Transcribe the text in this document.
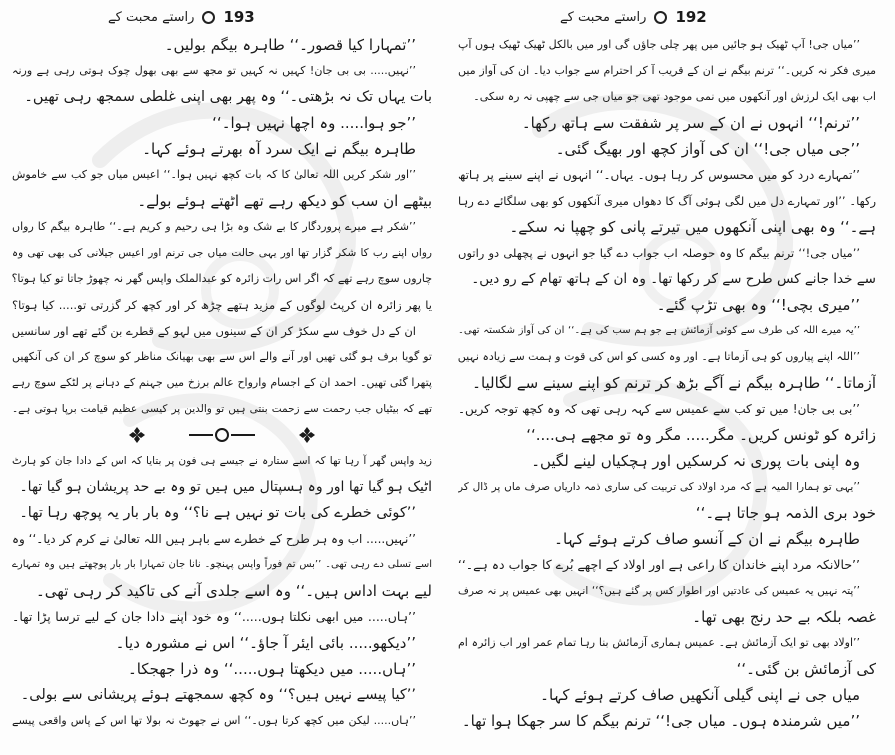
راستے محبت کے 193	راستے محبت کے 192
’’تمہارا کیا قصور۔‘‘ طاہرہ بیگم بولیں۔
’’نہیں..... بی بی جان! کہیں نہ کہیں تو مجھ سے بھی بھول چوک ہوتی رہی ہے ورنہ
بات یہاں تک نہ بڑھتی۔‘‘ وہ پھر بھی اپنی غلطی سمجھ رہی تھیں۔
’’جو ہوا..... وہ اچھا نہیں ہوا۔‘‘
طاہرہ بیگم نے ایک سرد آہ بھرتے ہوئے کہا۔
’’اور شکر کریں اللہ تعالیٰ کا کہ بات کچھ نہیں ہوا۔‘‘ اعیس میاں جو کب سے خاموش
بیٹھے ان سب کو دیکھ رہے تھے اٹھتے ہوئے بولے۔
’’شکر ہے میرے پروردگار کا بے شک وہ بڑا ہی رحیم و کریم ہے۔‘‘ طاہرہ بیگم کا رواں
رواں اپنے رب کا شکر گزار تھا اور یہی حالت میاں جی ترنم اور اعیس جیلانی کی بھی تھی وہ
چاروں سوچ رہے تھے کہ اگر اس رات زائرہ کو عبدالملک واپس گھر نہ چھوڑ جاتا تو کیا ہوتا؟
یا پھر زائرہ ان کرپٹ لوگوں کے مزید ہتھے چڑھ کر اور کچھ کر گزرتی تو..... کیا ہوتا؟
ان کے دل خوف سے سکڑ کر ان کے سینوں میں لہو کے قطرے بن گئے تھے اور سانسیں
تو گویا برف ہو گئی تھیں اور آنے والے اس سے بھی بھیانک مناظر کو سوچ کر ان کی آنکھیں
پتھرا گئی تھیں۔ احمد ان کے اجسام وارواح عالم برزخ میں جہنم کے دہانے پر لٹکے سوچ رہے
تھے کہ بیٹیاں جب رحمت سے زحمت بنتی ہیں تو والدین پر کیسی عظیم قیامت برپا ہوتی ہے۔
زید واپس گھر آ رہا تھا کہ اسے ستارہ نے جیسے ہی فون پر بتایا کہ اس کے دادا جان کو ہارٹ
اٹیک ہو گیا تھا اور وہ ہسپتال میں ہیں تو وہ بے حد پریشان ہو گیا تھا۔
’’کوئی خطرے کی بات تو نہیں ہے نا؟‘‘ وہ بار بار یہ پوچھ رہا تھا۔
’’نہیں..... اب وہ ہر طرح کے خطرے سے باہر ہیں اللہ تعالیٰ نے کرم کر دیا۔‘‘ وہ
اسے تسلی دے رہی تھی۔ ’’بس تم فوراً واپس پہنچو۔ نانا جان تمہارا بار بار پوچھتے ہیں وہ تمہارے
لیے بہت اداس ہیں۔‘‘ وہ اسے جلدی آنے کی تاکید کر رہی تھی۔
’’ہاں..... میں ابھی نکلتا ہوں.....‘‘ وہ خود اپنے دادا جان کے لیے ترسا پڑا تھا۔
’’دیکھو..... بائی ایئر آ جاؤ۔‘‘ اس نے مشورہ دیا۔
’’ہاں..... میں دیکھتا ہوں.....‘‘ وہ ذرا جھجکا۔
’’کیا پیسے نہیں ہیں؟‘‘ وہ کچھ سمجھتے ہوئے پریشانی سے بولی۔
’’ہاں..... لیکن میں کچھ کرتا ہوں۔‘‘ اس نے جھوٹ نہ بولا تھا اس کے پاس واقعی پیسے
’’میاں جی! آپ ٹھیک ہو جائیں میں پھر چلی جاؤں گی اور میں بالکل ٹھیک ٹھیک ہوں آپ
میری فکر نہ کریں۔‘‘ ترنم بیگم نے ان کے قریب آ کر احترام سے جواب دیا۔ ان کی آواز میں
اب بھی ایک لرزش اور آنکھوں میں نمی موجود تھی جو میاں جی سے چھپی نہ رہ سکی۔
’’ترنم!‘‘ انہوں نے ان کے سر پر شفقت سے ہاتھ رکھا۔
’’جی میاں جی!‘‘ ان کی آواز کچھ اور بھیگ گئی۔
’’تمہارے درد کو میں محسوس کر رہا ہوں۔ یہاں۔‘‘ انہوں نے اپنے سینے پر ہاتھ
رکھا۔ ’’اور تمہارے دل میں لگی ہوئی آگ کا دھواں میری آنکھوں کو بھی سلگائے دے رہا
ہے۔‘‘ وہ بھی اپنی آنکھوں میں تیرتے پانی کو چھپا نہ سکے۔
’’میاں جی!‘‘ ترنم بیگم کا وہ حوصلہ اب جواب دے گیا جو انہوں نے پچھلی دو راتوں
سے خدا جانے کس طرح سے کر رکھا تھا۔ وہ ان کے ہاتھ تھام کے رو دیں۔
’’میری بچی!‘‘ وہ بھی تڑپ گئے۔
’’یہ میرے اللہ کی طرف سے کوئی آزمائش ہے جو ہم سب کی ہے۔‘‘ ان کی آواز شکستہ تھی۔
’’اللہ اپنے پیاروں کو ہی آزماتا ہے۔ اور وہ کسی کو اس کی قوت و ہمت سے زیادہ نہیں
آزماتا۔‘‘ طاہرہ بیگم نے آگے بڑھ کر ترنم کو اپنے سینے سے لگالیا۔
’’بی بی جان! میں تو کب سے عمیس سے کہہ رہی تھی کہ وہ کچھ توجہ کریں۔
زائرہ کو ٹونس کریں۔ مگر..... مگر وہ تو مجھے ہی....‘‘
وہ اپنی بات پوری نہ کرسکیں اور ہچکیاں لینے لگیں۔
’’یہی تو ہمارا المیہ ہے کہ مرد اولاد کی تربیت کی ساری ذمہ داریاں صرف ماں پر ڈال کر
خود بری الذمہ ہو جاتا ہے۔‘‘
طاہرہ بیگم نے ان کے آنسو صاف کرتے ہوئے کہا۔
’’حالانکہ مرد اپنے خاندان کا راعی ہے اور اولاد کے اچھے بُرے کا جواب دہ ہے۔‘‘
’’پتہ نہیں یہ عمیس کی عادتیں اور اطوار کس پر گئے ہیں؟‘‘ انہیں بھی عمیس پر نہ صرف
غصہ بلکہ بے حد رنج بھی تھا۔
’’اولاد بھی تو ایک آزمائش ہے۔ عمیس ہماری آزمائش بنا رہا تمام عمر اور اب زائرہ ام
کی آزمائش بن گئی۔‘‘
میاں جی نے اپنی گیلی آنکھیں صاف کرتے ہوئے کہا۔
’’میں شرمندہ ہوں۔ میاں جی!‘‘ ترنم بیگم کا سر جھکا ہوا تھا۔
